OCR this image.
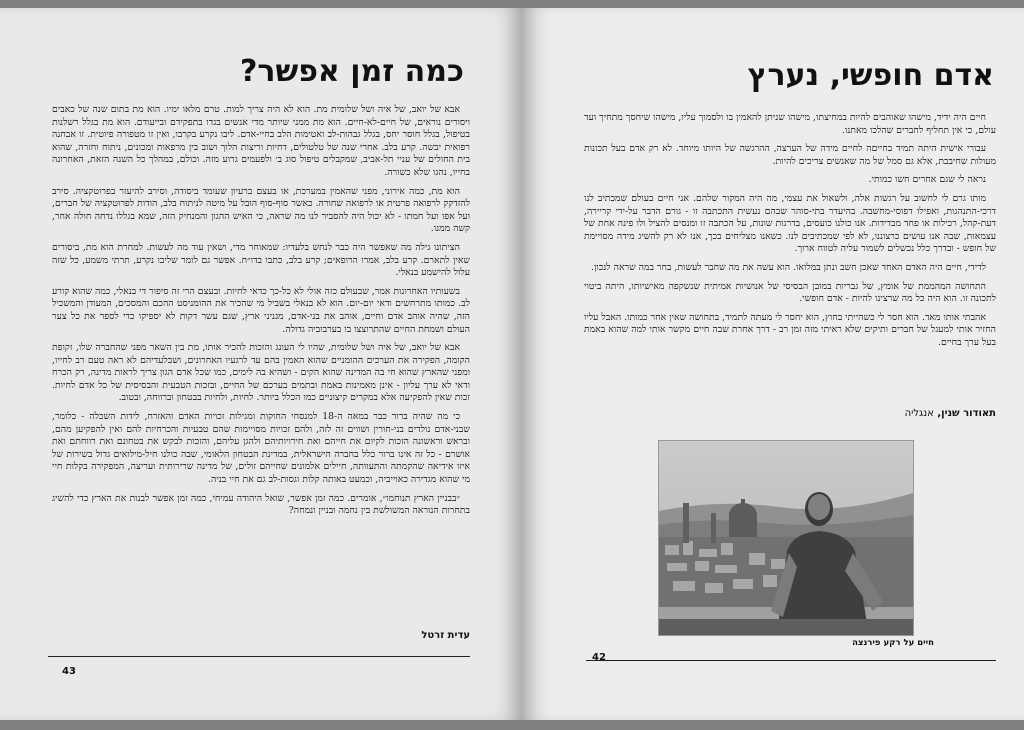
כמה זמן אפשר?

אבא של יואב, של איה ושל שלומית מת. הוא לא היה צריך למות. טרם מלאו ימיו. הוא מת בתום שנה של כאבים ויסורים נוראים, של חיים-לא-חיים. הוא מת ממני שיותר מדי אנשים בגדו בתפקידם ובייעודם. הוא מת בגלל רשלנות בטיפול, בגלל חוסר יחס, בגלל גבהות-לב ואטימות הלב בחיי-אדם. ליבו נקרע בקרבו, ואין זו מטפורה פיוטית. זו אבחנה רפואית יבשה. קרע בלב. אחרי שנה של טלטולים, דחיות וריצות הלוך ושוב בין מרפאות ומכונים, ניתוח וחזרה, שהוא בית החולים של עניי תל-אביב, שמקבלים טיפול סוג ב׳ ולפעמים גרוע מזה. וכולם, במהלך כל השנה הזאת, האחרונה בחייו, נהגו שלא כשורה.

הוא מת, כמה אירוני, מפני שהאמין במערכת, או בעצם ברעיון שעומד ביסודה, וסירב להיעזר בפרוטקציה. סירב להזדקק לרפואה פרטית או לרפואה שחורה. כאשר סוף-סוף הובל על מיטה לניתוח בלב, הודות לפרוטקציה של חברים, ועל אפו ועל חמתו - לא יכול היה להסביר לנו מה שראה, כי האיש ההגון והמנחיק הזה, שמא בגללו נדחה חולה אחר, קשה ממנו.

הציתונו גילה מה שאפשר היה כבר לנחש בלעדיו: שמאוחר מדי, ושאין עוד מה לעשות. למחרת הוא מת, ביסורים שאין לתארם. קרע בלב, אמרו הרופאים; קרע בלב, כתבו בדו״ח. אפשר גם לומר שליבו נקרע, תרתי משמע, כל שזה עלול להישמע בנאלי.

בשעותיו האחרונות אמר, שבעולם כזה אולי לא כל-כך כדאי לחיות. ובעצם הרי זה סיפור די בנאלי, כמה שהוא קורע לב. כמותו מתרחשים ודאי יום-יום. הוא לא בנאלי בשביל מי שהכיר את ההומניסט ההכם והמסכים, המעודן והמשכיל הזה, שהיה אוהב אדם וחיים, אוהב את בני-אדם, מגניני ארץ, שגם עשר דקות לא יספיקו כדי לספר את כל צער העולם ושמחת החיים שהתרוצצו בו בערבוביה גדולה.

אבא של יואב, של איה ושל שלומית, שהיו לי העונג והזכות להכיר אותו, מת בין השאר מפני שהחברה שלו, זקופת הקומה, הפקירה את הערכים ההומניים שהוא האמין בהם עד לרגעיו האחרונים, ושבלעדיהם לא ראה טעם רב לחייו, ומפני שהארץ שהוא חי בה המדינה שהוא הקים - ושהיא בה לימים, כמו שכל אדם הגון צריך לראות מדינה, רק הכרח ודאי לא ערך עליון - אינן מאמינות באמת ובתמים בערכם של החיים, ובזכות הטבעית והבסיסית של כל אדם לחיות. זכות שאין להפקיעה אלא במקרים קיצוניים כמו הכלל ביותר. לחיות, ולחיות בבטחון וברווחה, ובטוב.

כי מה שהיה ברור כבר במאה ה-18 למנסחי החוקות ומגילות זכויות האדם והאזרח, לידות השכלה - כלומר, שבני-אדם נולדים בני-חורין ושווים זה לזה, ולהם זכויות מסויימות שהם טבעיות והכרחיות להם ואין להפקיען מהם, ובראש וראשונה הזכות לקיום את חייהם ואת חירויותיהם ולהגן עליהם, והזכות לבקש את בטחונם ואת רווחתם ואת אושרם - כל זה אינו ברור כלל בחברה הישראלית, במדינת הבטחון הלאומי, שבה כולנו חיל-מילואים גדול בשירות של איזו אידיאה שהקמתה והתעוותה, חיילים אלמונים שחייהם זולים, של מדינה שרירותית ועריצה, המפקירה בקלות חיי מי שהוא מגדירה כאוייביה, וכמעט באותה קלות וגסות-לב גם את חיי בניה.

״בבניין הארץ תנוחמו״, אומרים. כמה זמן אפשר, שואל היהודה עמיחי, כמה זמן אפשר לבנות את הארץ כדי להשיג בתחרות הנוראה המשולשת בין נחמה ובניין ונמחה?

עדית זרטל
43
אדם חופשי, נערץ

חיים היה ידיד, מישהו שאוהבים להיות במחיצתו, מישהו שניתן להאמין בו ולסמוך עליו, מישהו שיחסך מתחיך ועד עולם, כי אין תחליף לחברים שהלכו מאתנו.

עבורי אישית היתה תמיד בחייםה לחיים מידה של הערצה, ההרגשה של היותו מיוחד. לא רק אדם בעל תכונות מעולות שחיבבת, אלא גם סמל של מה שאנשים צריכים להיות.

נראה לי שגם אחרים חשו כמותי.

מותו גרם לי לחשוב על רגשות אלה, ולשאול את עצמי, מה היה המקור שלהם. אני חיים בעולם שמכתיב לנו דרכי-התנהגות, ואפילו דפוסי-מחשבה. בהיעדר בתי-סוהר שבהם נעשית התכתבה זו - גורם הדבר על-ידי קריירה, דעת-קהל, רכילות או פחד מבדידות. אנו כולנו כועסים, בדרגות שונות, על הכתבה זו ומנסים להציל ולו פינה אחת של עצמאות, שבה אנו עושים כרצוננו, לא לפי שמכתיבים לנו. כשאנו מצליחים בכך, אנו לא רק להשיג מידה מסויימת של חופש - ובדרך כלל נכשלים לשמור עליה לטווח ארוך.

לדידי, חיים היה האדם האחד שאכן חשב ונתן במלואו. הוא עשה את מה שחבר לעשות, בחר במה שראה לנכון.

התחושה המהממת של אומץ, של גבריות במובן הבסיסי של אנושיות אמיתית שנשקפה מאישיותו, היתה ביטוי לתכונה זו. הוא היה כל מה שרצינו להיות - אדם חופשי.

אהבתי אותו מאד. הוא חסר לי כשהייתי בחוץ, הוא יחסר לי מעתה לתמיד, בתחושה שאין אחר כמותו. האבל עליו החזיר אותי למעגל של חברים ותיקים שלא ראיתי מזה זמן רב - דרך אחרת שבה חיים מקשר אותי למה שהוא באמת בעל ערך בחיים.

תאודור שנין, אנגליה
חיים על רקע פירנצה
42
